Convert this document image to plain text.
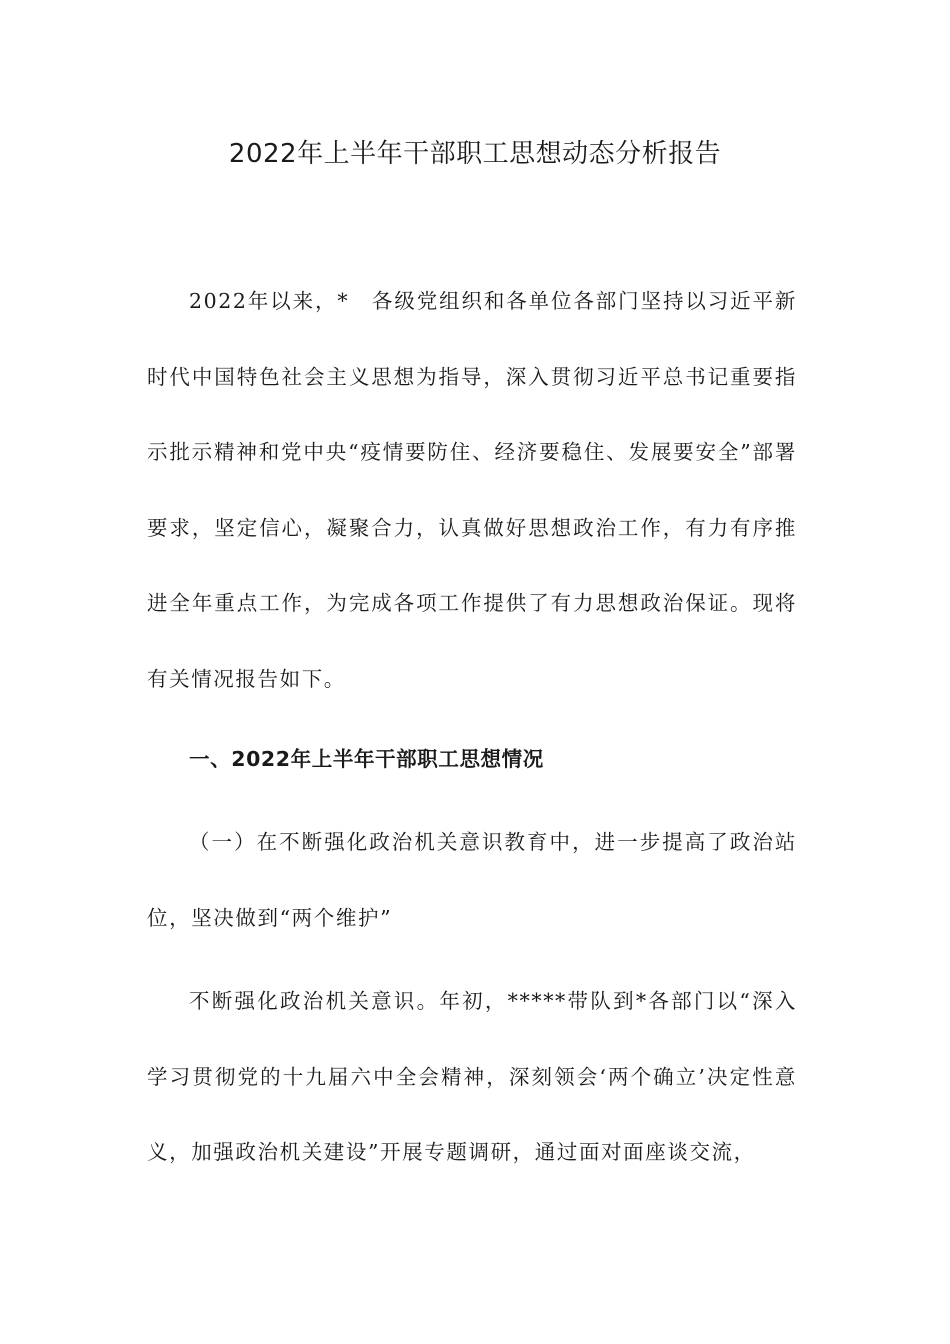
2022年上半年干部职工思想动态分析报告

2022年以来，*　各级党组织和各单位各部门坚持以习近平新时代中国特色社会主义思想为指导，深入贯彻习近平总书记重要指示批示精神和党中央“疫情要防住、经济要稳住、发展要安全”部署要求，坚定信心，凝聚合力，认真做好思想政治工作，有力有序推进全年重点工作，为完成各项工作提供了有力思想政治保证。现将有关情况报告如下。

一、2022年上半年干部职工思想情况

（一）在不断强化政治机关意识教育中，进一步提高了政治站位，坚决做到“两个维护”

不断强化政治机关意识。年初，*****带队到*各部门以“深入学习贯彻党的十九届六中全会精神，深刻领会‘两个确立’决定性意义，加强政治机关建设”开展专题调研，通过面对面座谈交流，
